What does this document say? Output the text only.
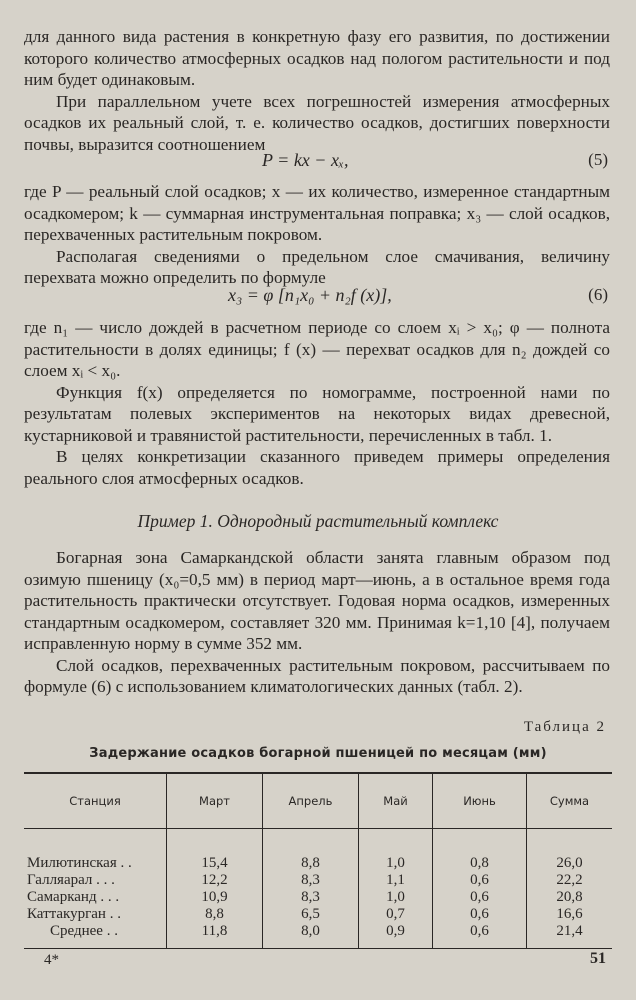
для данного вида растения в конкретную фазу его развития, по достижении которого количество атмосферных осадков над пологом растительности и под ним будет одинаковым.

При параллельном учете всех погрешностей измерения атмосферных осадков их реальный слой, т. е. количество осадков, достигших поверхности почвы, выразится соотношением

P = kx − xₓ,	(5)

где P — реальный слой осадков; x — их количество, измеренное стандартным осадкомером; k — суммарная инструментальная поправка; x₃ — слой осадков, перехваченных растительным покровом.

Располагая сведениями о предельном слое смачивания, величину перехвата можно определить по формуле

x₃ = φ [n₁x₀ + n₂f (x)],	(6)

где n₁ — число дождей в расчетном периоде со слоем xᵢ > x₀; φ — полнота растительности в долях единицы; f (x) — перехват осадков для n₂ дождей со слоем xᵢ < x₀.

Функция f(x) определяется по номограмме, построенной нами по результатам полевых экспериментов на некоторых видах древесной, кустарниковой и травянистой растительности, перечисленных в табл. 1.

В целях конкретизации сказанного приведем примеры определения реального слоя атмосферных осадков.

Пример 1. Однородный растительный комплекс

Богарная зона Самаркандской области занята главным образом под озимую пшеницу (x₀=0,5 мм) в период март—июнь, а в остальное время года растительность практически отсутствует. Годовая норма осадков, измеренных стандартным осадкомером, составляет 320 мм. Принимая k=1,10 [4], получаем исправленную норму в сумме 352 мм.

Слой осадков, перехваченных растительным покровом, рассчитываем по формуле (6) с использованием климатологических данных (табл. 2).

Таблица 2
Задержание осадков богарной пшеницей по месяцам (мм)
Станция	Март	Апрель	Май	Июнь	Сумма

Милютинская . .	15,4	8,8	1,0	0,8	26,0
Галляарал . . .	12,2	8,3	1,1	0,6	22,2
Самарканд . . .	10,9	8,3	1,0	0,6	20,8
Каттакурган . .	8,8	6,5	0,7	0,6	16,6
Среднее . .	11,8	8,0	0,9	0,6	21,4
4*	51
